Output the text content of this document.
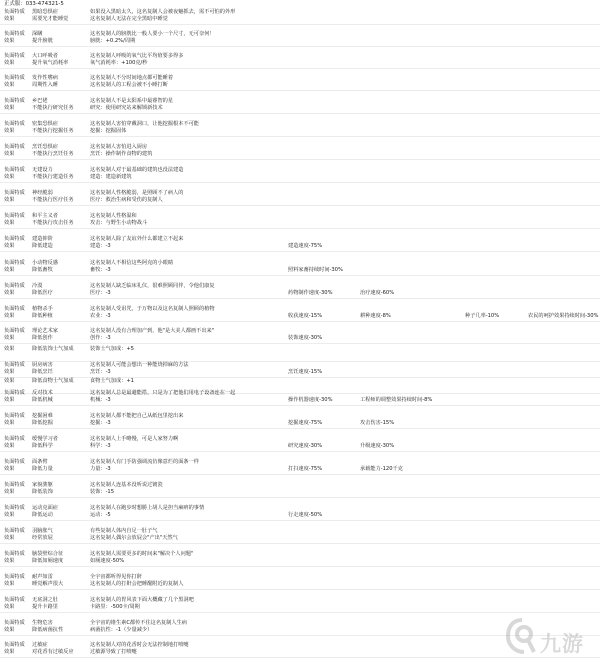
正式服：033-474321-5
负面特质 黑暗恐惧症	如果没入黑暗太久，这名复制人会被夜魅抓去，需不可怕的外形
效果	需要光才能睡觉	这名复制人无法在完全黑暗中睡觉
负面特质 深瞒	这名复制人的膀胱比一般人要小一个尺寸，无可奈何！
效果	提升膀胱	膀胱：+0.2%/周期
负面特质 大口呼吸者	这名复制人呼吸的氧气比平均值要多得多
效果	提升氧气消耗率	氧气消耗率：+100克/秒
负面特质 发作性嗜病	这名复制人不分时间地点都可能睡着
效果	周期性入睡	这名复制人的工程会被不小睡打断
负面特质 乡巴佬	这名复制人不是太阳系中最睿智的星
效果	不能执行研究任务	研究：使用研究站来解锁新技术
负面特质 密集恐惧症	这名复制人害怕穿戴洞口，让他挖掘根本不可能
效果	不能执行挖掘任务	挖掘：挖掘固体
负面特质 烹饪恐惧症	这名复制人害怕进入厨房
效果	不能执行烹饪任务	烹饪：操作制作食物的建筑
负面特质 无建设力	这名复制人对于最基础的建筑也没法建造
效果	不能执行建造任务	建造：建造新建筑
负面特质 神经脆弱	这名复制人性格脆弱，是照顾不了病人的
效果	不能执行医疗任务	医疗：救治生病和受伤的复制人
负面特质 和平主义者	这名复制人性格温和
效果	不能执行攻击任务	攻击：与野生小动物战斗
负面特质 建造抑阶	这名复制人除了友谊外什么都建立不起来
效果	降低建造	建造：-3	建造速度-75%
负面特质 小动物反感	这名复制人不相信这些阿克的小眼睛
效果	降低畜牧	畜牧：-3	照料家畜持续时间-30%
负面特质 冷漠	这名复制人缺乏临床礼仪，很难照顾同伴，令他们康复
效果	降低医疗	医疗：-3	药物制作速度-30%	治疗速度-60%
负面特质 植物杀手	这名复制人受诅咒，于万物以及这名复制人照顾的植物
效果	降低种植	农业：-3	收获速度-15%	耕种速度-8%	种子几率-10%	农民的呵护效果持续时间-30%
负面特质 理论艺术家	这名复制人没有合理加产到，他"是大美人都画不出来"
效果	降低创作	创作：-3	装饰速度-30%
效果	降低装饰士气加成	装饰士气加成：+5
负面特质 厨房病害	这名复制人可能会想出一种能烧掉麻的方法
效果	降低烹饪	烹饪：-3	烹饪速度-15%
效果	降低食物士气加成	食物士气加成：+1
负面特质 反对技术	这名复制人总是最避能搭，只是为了把他们用电子设备连在一起
效果	降低机械	机械：-3	操作机器速度-30%	工程师的调整效果持续时间-8%
负面特质 挖掘困难	这名复制人都不能把自己从纸包里挖出来
效果	降低挖掘	挖掘：-3	挖掘速度-75%	攻击伤害-15%
负面特质 缓慢学习者	这名复制人上手略慢，可是人家努力啊
效果	降低科学	科学：-3	研究速度-30%	升级速度-30%
负面特质 面条臂	这名复制人有门手防强调流仿像意烂的面条一样
效果	降低力量	力量：-3	打扫速度-75%	承载能力-120千克
负面特质 家貌骏躯	这名复制人连基本没听说过镀瓷
效果	降低装饰	装饰：-15
负面特质 运动克面症	这名复制人在跑步时想勝上胡人是担当麻痹的事情
效果	降低运动	运动：-5	行走速度-50%
负面特质 羽脑胀气	有些复制人体内自足一肚子气
效果	经常放屁	这名复制人偶尔会放屁会"产出"天然气
负面特质 脑袋壁综合征	这名复制人需要更多的时间来"解决个人问题"
效果	降低如厕速度	如厕速度-50%
负面特质 耐声如雷	全宇宙都听得见你打鼾
效果	睡觉解声很大	这名复制人的打鼾会把睡醒附近的复制人
负面特质 无底洞之肚	这名复制人的胃风表下面大概藏了几个黑洞吧
效果	提升卡路里	卡路里：-500卡/周期
负面特质 生物危害	全宇宙的锥生素C都传不住这名复制人生病
效果	降低病菌抗性	病菌抗性：-1（少量减少）
负面特质 过敏症	这名复制人对的花香时会无法控制地打喷嚏
效果	对花香有过敏反应	过敏源导致了打喷嚏	九游
